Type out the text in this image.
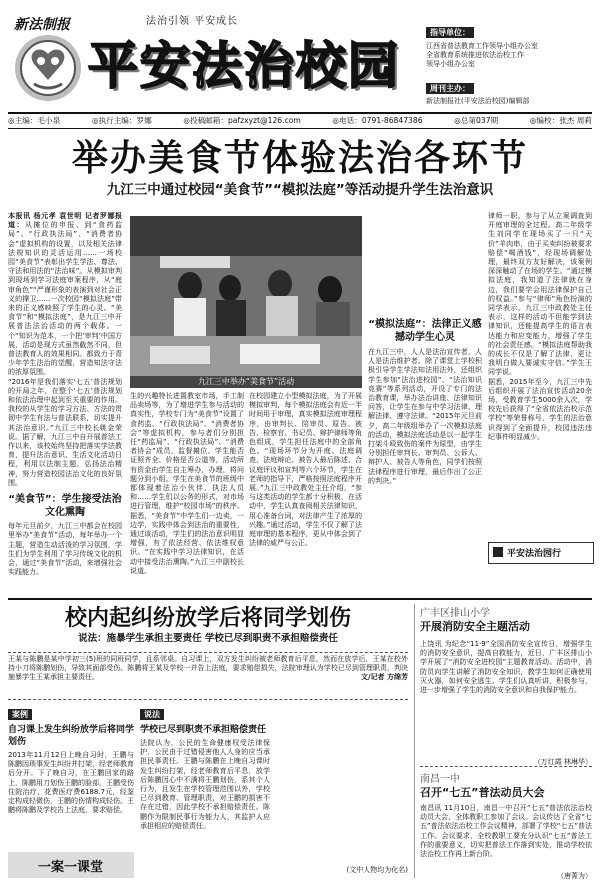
新法制报	法治引领 平安成长
平安法治校园
指导单位：
江西省普法教育工作领导小组办公室
全省教育系统推进依法治校工作
领导小组办公室
周刊主办：
新法制报社(平安法治校园)编辑部
◎主编：毛小泉	◎执行主编：罗娜	◎投稿邮箱：pafzxyzt@126.com	◎电话：0791-86847386	◎总第037期	◎编校：张杰 周莉
举办美食节体验法治各环节
九江三中通过校园“美食节”“模拟法庭”等活动提升学生法治意识
本报讯 杨元孝 袁世明 记者罗娜报道：从摊位的申报、到“食药监局”、“行政执法局”、“消费者协会”虚拟机构的设置，以及相关法律法规知识的灵活运用……一场校园“美食节”表彰出学生学法、尊法、守法和用法的“法治味”。从模拟审判到现场到学习法庭审案程序，从“庭审角色”“严谨形象的表演到对社会正义的撑卫……一次校园“模拟法庭”带来的正义感映照了学生的心灵。“美食节”和“模拟法庭”，是九江三中开展普法法治活动的两个载体。一个“知识为范本，一个把‘审判’中国方展，活动是现方式虽然截然不同，但普法教育人的效果相同。都致力于青少年学生法治的觉醒，营造知法守法的浓厚氛围。
“2016年是我们落实‘七五’普法规划的开局之年，在整个‘七五’普法规划和依法治理中起到至关重要的作用。我校的从学生的学习方法、方法的贯彻中学生有法与普法联系，切实提升其法治意识。”九江三中校长姚金荣说。据了解，九江三中自开展普法工作以来，该校始终坚持把落实学法教育，提升法治意识、生活文化活动日程，利用以法制主题，弘扬法治精神，努力营造校园法治文化的良好氛围。
“美食节”：学生接受法治文化熏陶
每年元旦前夕，九江三中都会在校园里举办“美食节”活动，每年举办一个主题，营造生动活泼的学习氛围，学生们为学生利用了学习传统文化的机会，通过“美食节”活动，来增强社会实践能力。
九江三中举办“美食节”活动
生的兴趣特长进置教室市场，手工制品卖场等，为了增进学生参与活动的真实性，学校专门为“美食节”设置了食药监、“行政执法局”、“消费者协会”等虚拟机构，参与者们分别担任“药监局”、“行政执法局”、“消费者协会”成员，监督摊位、学生能否证照齐全、价格是否公道等，活动所有资金由学生自主筹办，办理，将问题分到小组。学生在美食节的班级中都体现着法治小伙伴、执法人员和……学生们以公务的形式，对市场进行管理，维护“校园市场”的秩序。据悉，“美食节”中学生们一边卖，一边学，实践中体会到法治的重要性，通过该活动，学生们的法治意识明显增强，有了依法经营、依法维权意识。“在实践中学习法律知识，在活动中接受法治熏陶。”九江三中副校长说道。
在校园建立小型模拟法庭，为了开展模拟审判，每个模拟法庭会有近一半时间用于审理，真实模拟法庭审理程序，由审判长、陪审员、原告、被告、检察官、书记员、辩护律师等角色组成，学生担任法庭中的全部角色。“现场环节分为开庭、法庭调查、法庭辩论、被告人最后陈述、合议庭评议和宣判等六个环节，学生在老师的指导下，严格按照法庭程序开展。”九江三中政教处主任介绍，“参与这类活动的学生都十分积极，在活动中，学生认真查阅相关法律知识，用心准备台词，对法律产生了浓厚的兴趣。”通过活动，学生不仅了解了法庭审理的基本程序，更从中体会到了法律的威严与公正。
“模拟法庭”：法律正义感撼动学生心灵
在九江三中，人人是法治宣传者，人人是法治维护者。除了课堂上学校积极引导学生学法知法用法外，还组织学生参加“法治进校园”、“法治知识竞赛”等系列活动，开设了专门的法治教育课，举办法治讲座、法律知识问答，让学生在参与中学习法律、理解法律、遵守法律。“2015年元旦前夕，高二年级组举办了一次模拟法庭的活动，模拟法庭活动是以一起学生打架斗殴致伤的案件为原型，由学生分别担任审判长、审判员、公诉人、辩护人、被告人等角色，同学们按照法律程序进行审理，最后作出了公正的判决。”
律师一职。参与了从立案调查到开庭审理的全过程。高二年级学生刘同学在现场买了一只“天价”羊肉串，由于买卖纠纷被要求赔偿“喝酒钱”，经现场调解处理，最终双方友好解决，该案例深深触动了在场的学生。“通过模拟法庭，我知道了法律就在身边，我们要学会用法律保护自己的权益。”参与“律师”角色扮演的同学表示。九江三中政教处主任表示，这样的活动不但能学到法律知识，还能提高学生的语言表达能力和应变能力，增强了学生的社会责任感。“模拟法庭帮助我的成长不仅是了解了法律，更让我明白做人要诚实守信。”学生王同学说。
据悉，2015年至今，九江三中先后组织开展了法治宣传活动20余场，受教育学生5000余人次，学校先后获得了“全省依法治校示范学校”等荣誉称号，学生的法治意识得到了全面提升，校园违法违纪事件明显减少。
平安法治园行
校内起纠纷放学后将同学划伤
说法：施暴学生承担主要责任 学校已尽到职责不承担赔偿责任
王某与陈鹏是某中学初三(5)班的同班同学，且系邻桌。自习课上，双方发生纠纷被老师教育后平息，然而在放学后，王某在校外持小刀将陈鹏划伤，导致其面部受伤。陈鹏将王某及学校一并告上法庭，要求赔偿损失，法院审理认为学校已尽到管理职责，判决施暴学生王某承担主要责任。	文/记者 方绵芳
案例
自习课上发生纠纷放学后将同学划伤
2013年11月12日上晚自习时，王鹏与陈鹏因琐事发生纠纷并打架，经老师教育后分开。下了晚自习，在王鹏回家的路上，陈鹏用刀划伤王鹏的脸部，王鹏受伤住院治疗，花费医疗费6188.7元，经鉴定构成轻微伤，王鹏的伤情构成轻伤。王鹏将陈鹏及学校告上法庭，要求赔偿。
一案一课堂
说法
学校已尽到职责不承担赔偿责任
法院认为，公民的生命健康权受法律保护，公民由于过错侵害他人人身的应当承担民事责任。王鹏与陈鹏在上晚自习课时发生纠纷打架，经老师教育后平息，放学后陈鹏因心中不满将王鹏划伤，系其个人行为，且发生在学校管理范围以外，学校已尽到教育、管理职责，对王鹏的损害不存在过错，因此学校不承担赔偿责任。陈鹏作为限制民事行为能力人，其监护人应承担相应的赔偿责任。
(文中人物均为化名)
广丰区排山小学
开展消防安全主题活动
上饶讯 为纪念“11·9”全国消防安全宣传日，增强学生的消防安全意识，提高自救能力，近日，广丰区排山小学开展了“消防安全进校园”主题教育活动。活动中，消防员向学生讲解了消防安全知识，教学生如何正确使用灭火器，如何安全逃生。学生们认真听讲，积极参与，进一步增强了学生的消防安全意识和自我保护能力。
（万红霞 林琳华）
南昌一中
召开“七五”普法动员大会
南昌讯 11月10日，南昌一中召开“七五”普法依法治校动员大会，全体教职工参加了会议。会议传达了全省“七五”普法依法治校工作会议精神，部署了学校“七五”普法工作。会议要求，全校教职工要充分认识“七五”普法工作的重要意义，切实把普法工作落到实处，推动学校依法治校工作再上新台阶。
（唐菁为）
